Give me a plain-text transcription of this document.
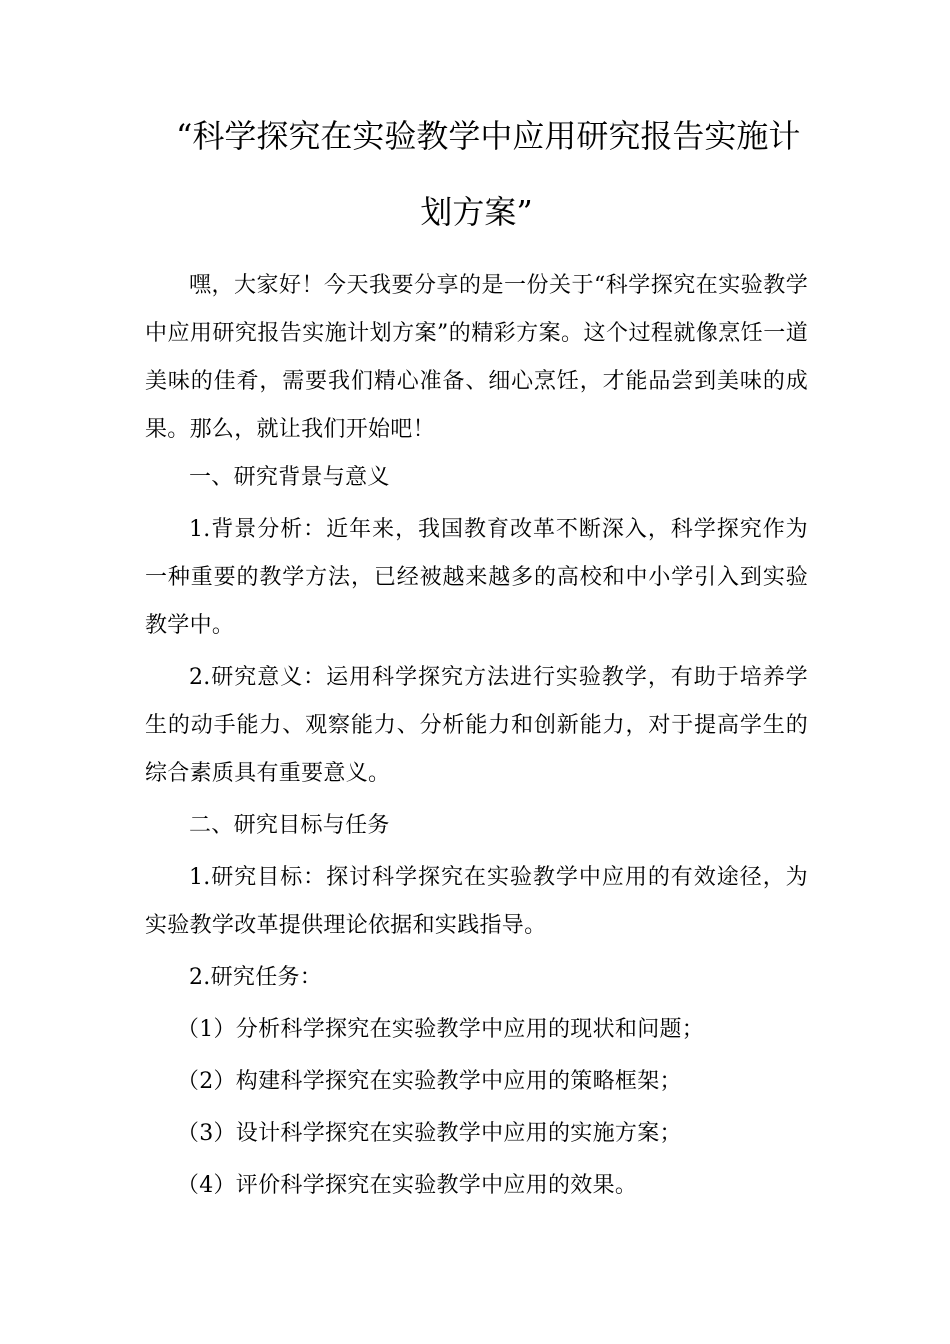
“科学探究在实验教学中应用研究报告实施计
划方案”

嘿，大家好！今天我要分享的是一份关于“科学探究在实验教学中应用研究报告实施计划方案”的精彩方案。这个过程就像烹饪一道美味的佳肴，需要我们精心准备、细心烹饪，才能品尝到美味的成果。那么，就让我们开始吧！

一、研究背景与意义

1.背景分析：近年来，我国教育改革不断深入，科学探究作为一种重要的教学方法，已经被越来越多的高校和中小学引入到实验教学中。

2.研究意义：运用科学探究方法进行实验教学，有助于培养学生的动手能力、观察能力、分析能力和创新能力，对于提高学生的综合素质具有重要意义。

二、研究目标与任务

1.研究目标：探讨科学探究在实验教学中应用的有效途径，为实验教学改革提供理论依据和实践指导。

2.研究任务：

（1）分析科学探究在实验教学中应用的现状和问题；

（2）构建科学探究在实验教学中应用的策略框架；

（3）设计科学探究在实验教学中应用的实施方案；

（4）评价科学探究在实验教学中应用的效果。
